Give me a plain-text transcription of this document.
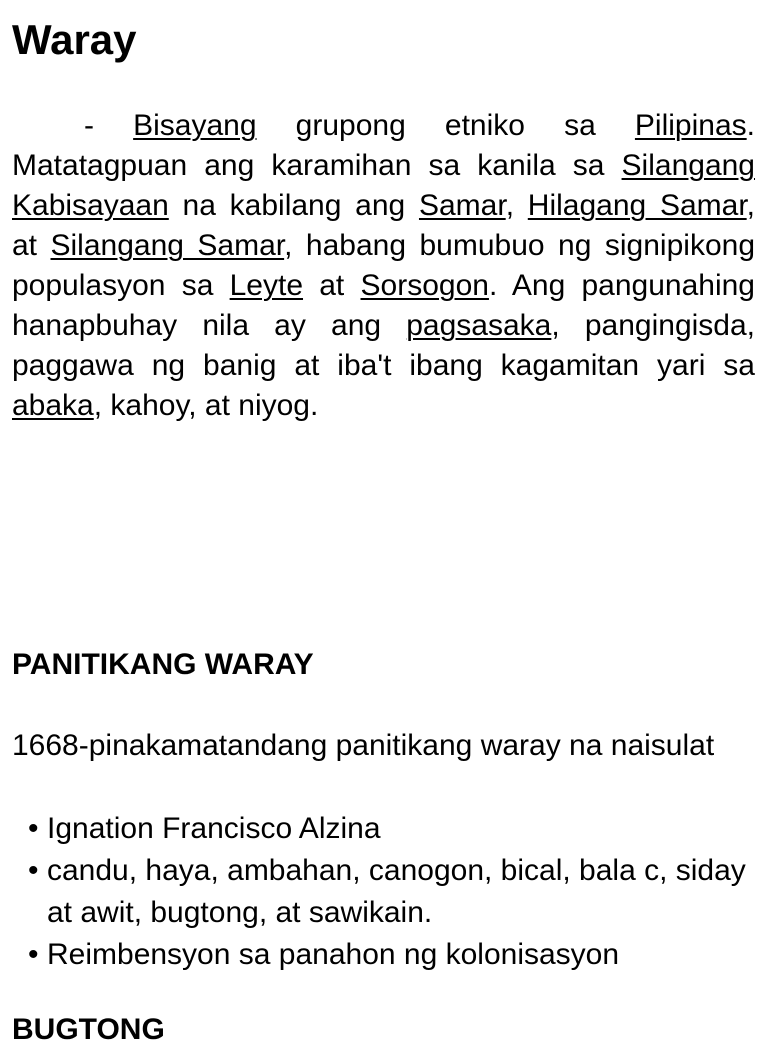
Waray

- Bisayang grupong etniko sa Pilipinas. Matatagpuan ang karamihan sa kanila sa Silangang Kabisayaan na kabilang ang Samar, Hilagang Samar, at Silangang Samar, habang bumubuo ng signipikong populasyon sa Leyte at Sorsogon. Ang pangunahing hanapbuhay nila ay ang pagsasaka, pangingisda, paggawa ng banig at iba't ibang kagamitan yari sa abaka, kahoy, at niyog.

PANITIKANG WARAY

1668-pinakamatandang panitikang waray na naisulat

• Ignation Francisco Alzina
• candu, haya, ambahan, canogon, bical, bala c, siday at awit, bugtong, at sawikain.
• Reimbensyon sa panahon ng kolonisasyon
BUGTONG
